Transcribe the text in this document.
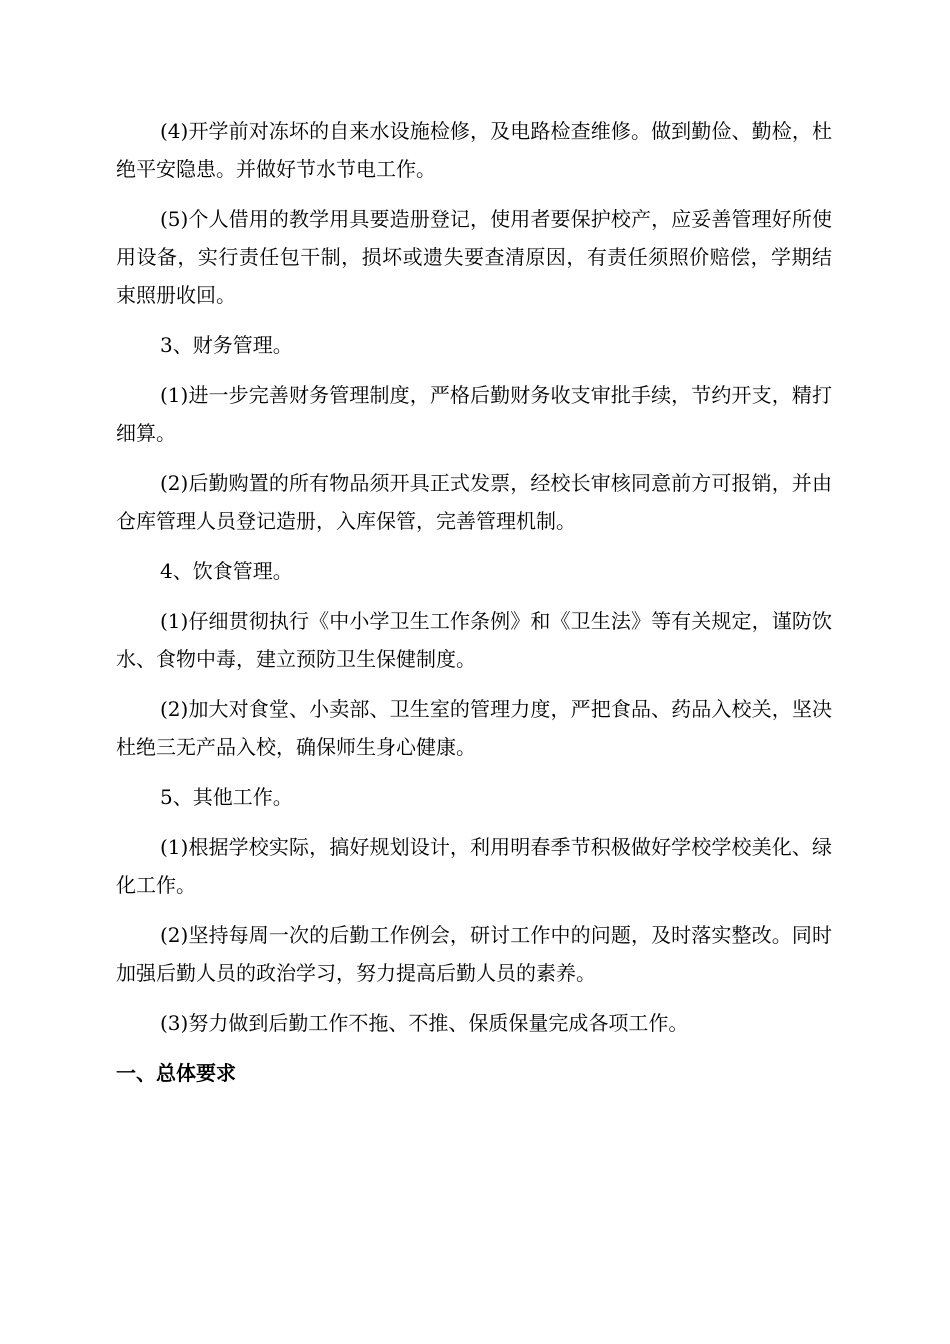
(4)开学前对冻坏的自来水设施检修，及电路检查维修。做到勤俭、勤检，杜绝平安隐患。并做好节水节电工作。

(5)个人借用的教学用具要造册登记，使用者要保护校产，应妥善管理好所使用设备，实行责任包干制，损坏或遗失要查清原因，有责任须照价赔偿，学期结束照册收回。

3、财务管理。

(1)进一步完善财务管理制度，严格后勤财务收支审批手续，节约开支，精打细算。

(2)后勤购置的所有物品须开具正式发票，经校长审核同意前方可报销，并由仓库管理人员登记造册，入库保管，完善管理机制。

4、饮食管理。

(1)仔细贯彻执行《中小学卫生工作条例》和《卫生法》等有关规定，谨防饮水、食物中毒，建立预防卫生保健制度。

(2)加大对食堂、小卖部、卫生室的管理力度，严把食品、药品入校关，坚决杜绝三无产品入校，确保师生身心健康。

5、其他工作。

(1)根据学校实际，搞好规划设计，利用明春季节积极做好学校学校美化、绿化工作。

(2)坚持每周一次的后勤工作例会，研讨工作中的问题，及时落实整改。同时加强后勤人员的政治学习，努力提高后勤人员的素养。

(3)努力做到后勤工作不拖、不推、保质保量完成各项工作。

一、总体要求
